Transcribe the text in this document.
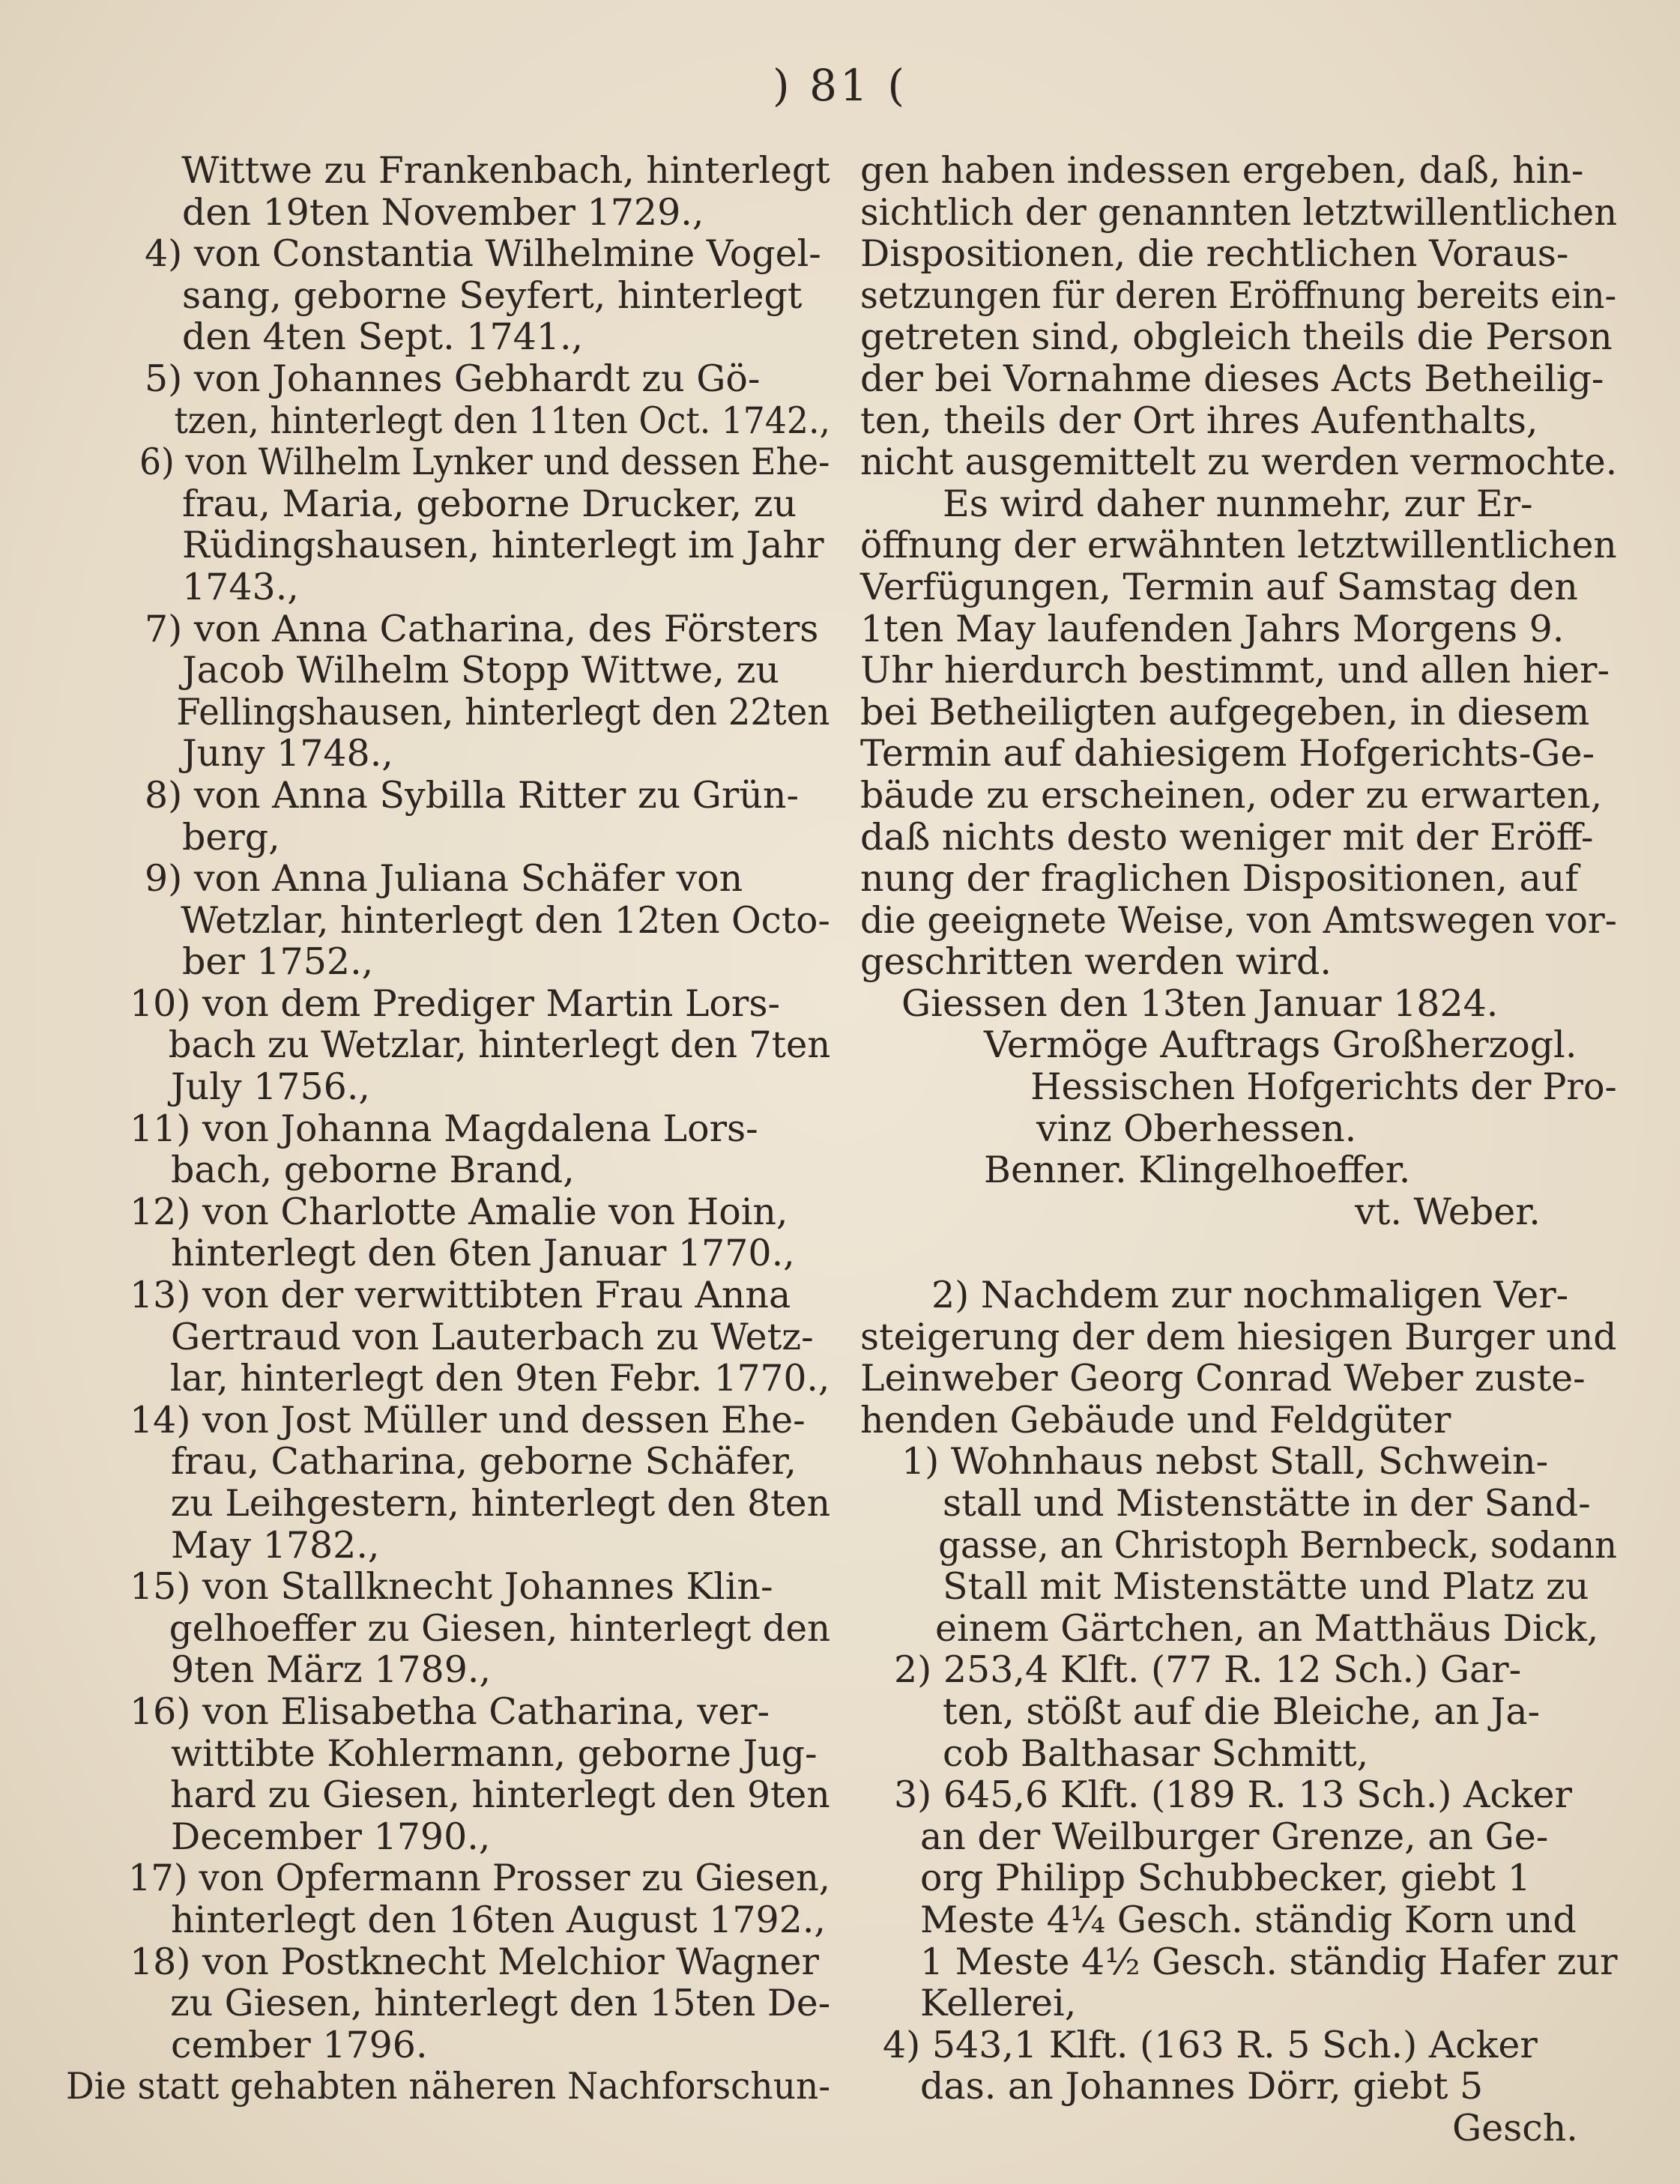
) 81 (
Wittwe zu Frankenbach, hinterlegt
den 19ten November 1729.,
4) von Constantia Wilhelmine Vogel-
sang, geborne Seyfert, hinterlegt
den 4ten Sept. 1741.,
5) von Johannes Gebhardt zu Gö-
tzen, hinterlegt den 11ten Oct. 1742.,
6) von Wilhelm Lynker und dessen Ehe-
frau, Maria, geborne Drucker, zu
Rüdingshausen, hinterlegt im Jahr
1743.,
7) von Anna Catharina, des Försters
Jacob Wilhelm Stopp Wittwe, zu
Fellingshausen, hinterlegt den 22ten
Juny 1748.,
8) von Anna Sybilla Ritter zu Grün-
berg,
9) von Anna Juliana Schäfer von
Wetzlar, hinterlegt den 12ten Octo-
ber 1752.,
10) von dem Prediger Martin Lors-
bach zu Wetzlar, hinterlegt den 7ten
July 1756.,
11) von Johanna Magdalena Lors-
bach, geborne Brand,
12) von Charlotte Amalie von Hoin,
hinterlegt den 6ten Januar 1770.,
13) von der verwittibten Frau Anna
Gertraud von Lauterbach zu Wetz-
lar, hinterlegt den 9ten Febr. 1770.,
14) von Jost Müller und dessen Ehe-
frau, Catharina, geborne Schäfer,
zu Leihgestern, hinterlegt den 8ten
May 1782.,
15) von Stallknecht Johannes Klin-
gelhoeffer zu Giesen, hinterlegt den
9ten März 1789.,
16) von Elisabetha Catharina, ver-
wittibte Kohlermann, geborne Jug-
hard zu Giesen, hinterlegt den 9ten
December 1790.,
17) von Opfermann Prosser zu Giesen,
hinterlegt den 16ten August 1792.,
18) von Postknecht Melchior Wagner
zu Giesen, hinterlegt den 15ten De-
cember 1796.
Die statt gehabten näheren Nachforschun-
gen haben indessen ergeben, daß, hin-
sichtlich der genannten letztwillentlichen
Dispositionen, die rechtlichen Voraus-
setzungen für deren Eröffnung bereits ein-
getreten sind, obgleich theils die Person
der bei Vornahme dieses Acts Betheilig-
ten, theils der Ort ihres Aufenthalts,
nicht ausgemittelt zu werden vermochte.
Es wird daher nunmehr, zur Er-
öffnung der erwähnten letztwillentlichen
Verfügungen, Termin auf Samstag den
1ten May laufenden Jahrs Morgens 9.
Uhr hierdurch bestimmt, und allen hier-
bei Betheiligten aufgegeben, in diesem
Termin auf dahiesigem Hofgerichts-Ge-
bäude zu erscheinen, oder zu erwarten,
daß nichts desto weniger mit der Eröff-
nung der fraglichen Dispositionen, auf
die geeignete Weise, von Amtswegen vor-
geschritten werden wird.
Giessen den 13ten Januar 1824.
Vermöge Auftrags Großherzogl.
Hessischen Hofgerichts der Pro-
vinz Oberhessen.
Benner. Klingelhoeffer.
vt. Weber.
2) Nachdem zur nochmaligen Ver-
steigerung der dem hiesigen Burger und
Leinweber Georg Conrad Weber zuste-
henden Gebäude und Feldgüter
1) Wohnhaus nebst Stall, Schwein-
stall und Mistenstätte in der Sand-
gasse, an Christoph Bernbeck, sodann
Stall mit Mistenstätte und Platz zu
einem Gärtchen, an Matthäus Dick,
2) 253,4 Klft. (77 R. 12 Sch.) Gar-
ten, stößt auf die Bleiche, an Ja-
cob Balthasar Schmitt,
3) 645,6 Klft. (189 R. 13 Sch.) Acker
an der Weilburger Grenze, an Ge-
org Philipp Schubbecker, giebt 1
Meste 4¼ Gesch. ständig Korn und
1 Meste 4½ Gesch. ständig Hafer zur
Kellerei,
4) 543,1 Klft. (163 R. 5 Sch.) Acker
das. an Johannes Dörr, giebt 5
Gesch.
